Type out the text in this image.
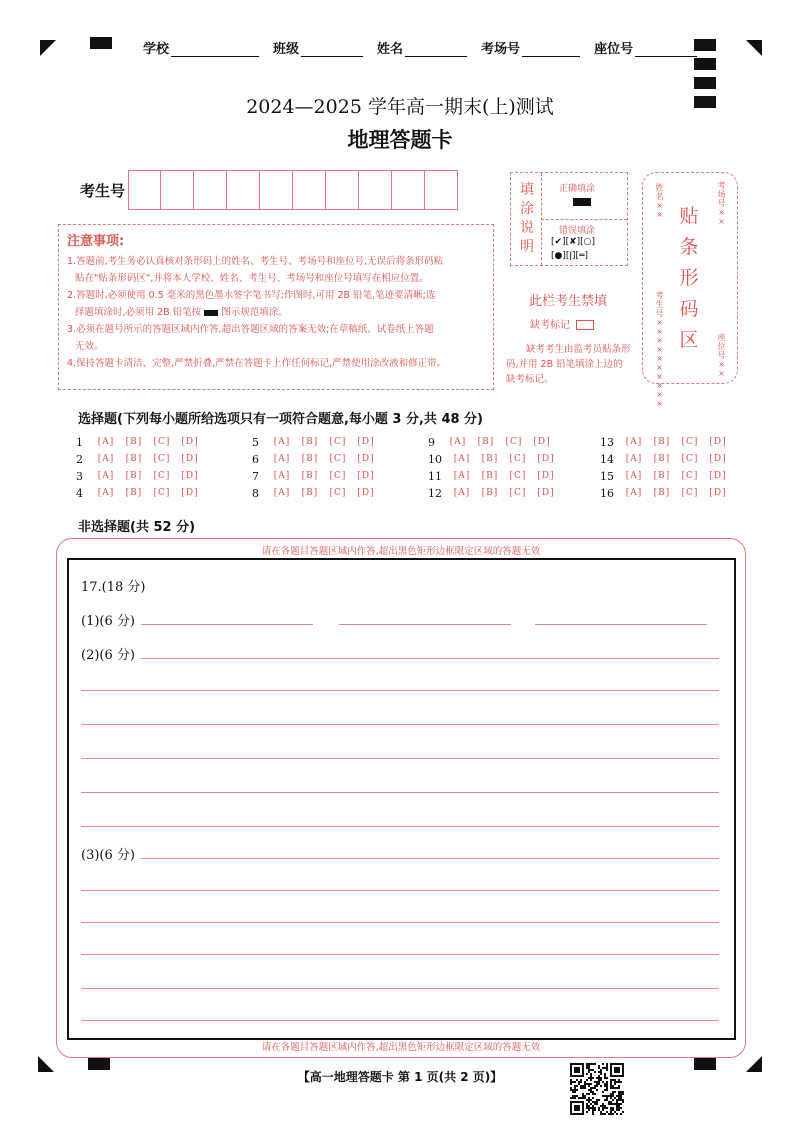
学校	班级	姓名	考场号	座位号
2024—2025 学年高一期末(上)测试
地理答题卡
考生号
注意事项:
1.答题前,考生务必认真核对条形码上的姓名、考生号、考场号和座位号,无误后将条形码粘
贴在"贴条形码区",并将本人学校、姓名、考生号、考场号和座位号填写在相应位置。
2.答题时,必须使用 0.5 毫米的黑色墨水签字笔书写;作图时,可用 2B 铅笔,笔迹要清晰;选
择题填涂时,必须用 2B 铅笔按 图示规范填涂。
3.必须在题号所示的答题区域内作答,超出答题区域的答案无效;在草稿纸、试卷纸上答题
无效。
4.保持答题卡清洁、完整,严禁折叠,严禁在答题卡上作任何标记,严禁使用涂改液和修正带。
填涂说明
正确填涂
错误填涂
[✔][✘][○]
[●][ǀ][═]
此栏考生禁填
缺考标记
缺考考生由监考员贴条形码,并用 2B 铅笔填涂上边的缺考标记。
姓名××
考场号××
贴条形码区
考生号××××××××××
座位号××
选择题(下列每小题所给选项只有一项符合题意,每小题 3 分,共 48 分)
1	[A]	[B]	[C]	[D]
2	[A]	[B]	[C]	[D]
3	[A]	[B]	[C]	[D]
4	[A]	[B]	[C]	[D]
5	[A]	[B]	[C]	[D]
6	[A]	[B]	[C]	[D]
7	[A]	[B]	[C]	[D]
8	[A]	[B]	[C]	[D]
9	[A]	[B]	[C]	[D]
10	[A]	[B]	[C]	[D]
11	[A]	[B]	[C]	[D]
12	[A]	[B]	[C]	[D]
13	[A]	[B]	[C]	[D]
14	[A]	[B]	[C]	[D]
15	[A]	[B]	[C]	[D]
16	[A]	[B]	[C]	[D]
非选择题(共 52 分)
请在各题目答题区域内作答,超出黑色矩形边框限定区域的答题无效
请在各题目答题区域内作答,超出黑色矩形边框限定区域的答题无效
17.(18 分)
(1)(6 分)
(2)(6 分)
(3)(6 分)
【高一地理答题卡 第 1 页(共 2 页)】
